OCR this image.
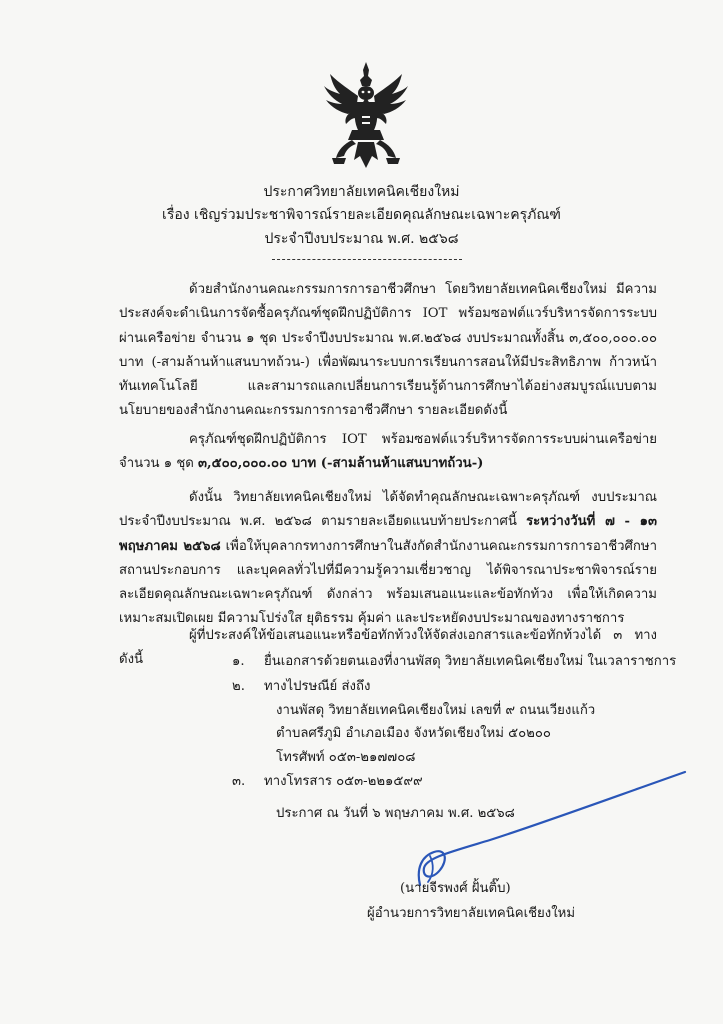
ประกาศวิทยาลัยเทคนิคเชียงใหม่
เรื่อง เชิญร่วมประชาพิจารณ์รายละเอียดคุณลักษณะเฉพาะครุภัณฑ์
ประจำปีงบประมาณ พ.ศ. ๒๕๖๘

ด้วยสำนักงานคณะกรรมการการอาชีวศึกษา โดยวิทยาลัยเทคนิคเชียงใหม่ มีความประสงค์จะดำเนินการจัดซื้อครุภัณฑ์ชุดฝึกปฏิบัติการ IOT พร้อมซอฟต์แวร์บริหารจัดการระบบผ่านเครือข่าย จำนวน ๑ ชุด ประจำปีงบประมาณ พ.ศ.๒๕๖๘ งบประมาณทั้งสิ้น ๓,๕๐๐,๐๐๐.๐๐ บาท (-สามล้านห้าแสนบาทถ้วน-) เพื่อพัฒนาระบบการเรียนการสอนให้มีประสิทธิภาพ ก้าวหน้าทันเทคโนโลยี และสามารถแลกเปลี่ยนการเรียนรู้ด้านการศึกษาได้อย่างสมบูรณ์แบบตามนโยบายของสำนักงานคณะกรรมการการอาชีวศึกษา รายละเอียดดังนี้

ครุภัณฑ์ชุดฝึกปฏิบัติการ IOT พร้อมซอฟต์แวร์บริหารจัดการระบบผ่านเครือข่าย จำนวน ๑ ชุด ๓,๕๐๐,๐๐๐.๐๐ บาท (-สามล้านห้าแสนบาทถ้วน-)

ดังนั้น วิทยาลัยเทคนิคเชียงใหม่ ได้จัดทำคุณลักษณะเฉพาะครุภัณฑ์ งบประมาณประจำปีงบประมาณ พ.ศ. ๒๕๖๘ ตามรายละเอียดแนบท้ายประกาศนี้ ระหว่างวันที่ ๗ - ๑๓ พฤษภาคม ๒๕๖๘ เพื่อให้บุคลากรทางการศึกษาในสังกัดสำนักงานคณะกรรมการการอาชีวศึกษา สถานประกอบการ และบุคคลทั่วไปที่มีความรู้ความเชี่ยวชาญ ได้พิจารณาประชาพิจารณ์รายละเอียดคุณลักษณะเฉพาะครุภัณฑ์ ดังกล่าว พร้อมเสนอแนะและข้อทักท้วง เพื่อให้เกิดความเหมาะสมเปิดเผย มีความโปร่งใส ยุติธรรม คุ้มค่า และประหยัดงบประมาณของทางราชการ

ผู้ที่ประสงค์ให้ข้อเสนอแนะหรือข้อทักท้วงให้จัดส่งเอกสารและข้อทักท้วงได้ ๓ ทาง ดังนี้	๑. ยื่นเอกสารด้วยตนเองที่งานพัสดุ วิทยาลัยเทคนิคเชียงใหม่ ในเวลาราชการ
๒. ทางไปรษณีย์ ส่งถึง
งานพัสดุ วิทยาลัยเทคนิคเชียงใหม่ เลขที่ ๙ ถนนเวียงแก้ว
ตำบลศรีภูมิ อำเภอเมือง จังหวัดเชียงใหม่ ๕๐๒๐๐
โทรศัพท์ ๐๕๓-๒๑๗๗๐๘
๓. ทางโทรสาร ๐๕๓-๒๒๑๕๙๙
ประกาศ ณ วันที่ ๖ พฤษภาคม พ.ศ. ๒๕๖๘
(นายจีรพงศ์ ฝั้นติ๊บ)
ผู้อำนวยการวิทยาลัยเทคนิคเชียงใหม่
